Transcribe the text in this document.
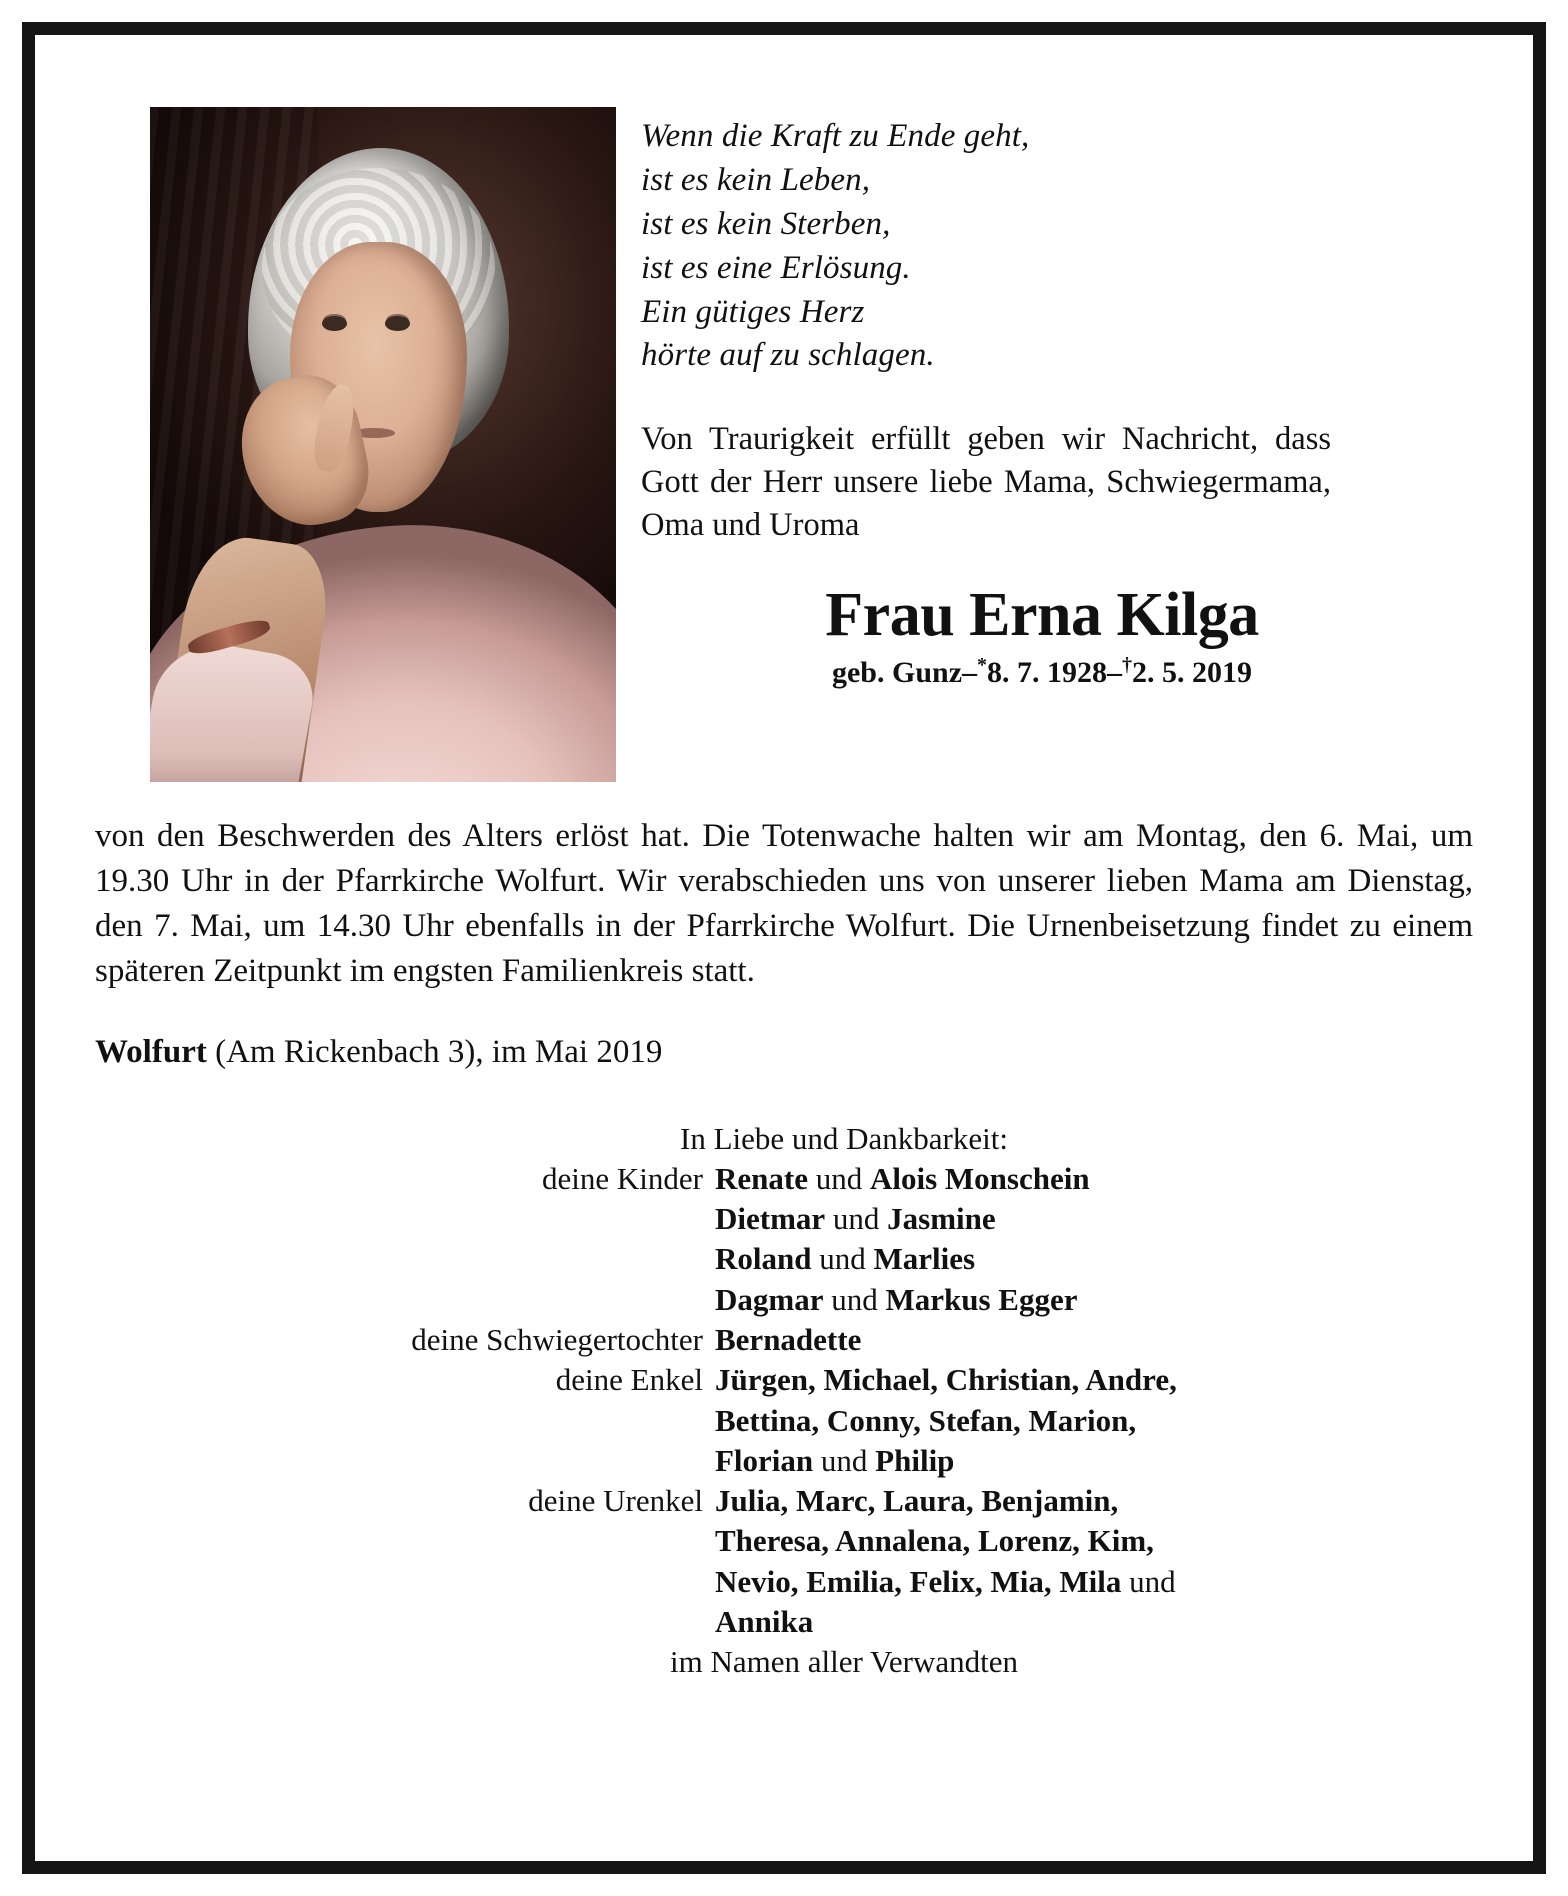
Wenn die Kraft zu Ende geht,
ist es kein Leben,
ist es kein Sterben,
ist es eine Erlösung.
Ein gütiges Herz
hörte auf zu schlagen.
Von Traurigkeit erfüllt geben wir Nachricht, dass Gott der Herr unsere liebe Mama, Schwiegermama, Oma und Uroma
Frau Erna Kilga
geb. Gunz–*8. 7. 1928–†2. 5. 2019
von den Beschwerden des Alters erlöst hat. Die Totenwache halten wir am Montag, den 6. Mai, um 19.30 Uhr in der Pfarrkirche Wolfurt. Wir verabschieden uns von unserer lieben Mama am Dienstag, den 7. Mai, um 14.30 Uhr ebenfalls in der Pfarrkirche Wolfurt. Die Urnenbeisetzung findet zu einem späteren Zeitpunkt im engsten Familienkreis statt.
Wolfurt (Am Rickenbach 3), im Mai 2019
In Liebe und Dankbarkeit:
deine Kinder Renate und Alois Monschein
Dietmar und Jasmine
Roland und Marlies
Dagmar und Markus Egger
deine Schwiegertochter Bernadette
deine Enkel Jürgen, Michael, Christian, Andre,
Bettina, Conny, Stefan, Marion,
Florian und Philip
deine Urenkel Julia, Marc, Laura, Benjamin,
Theresa, Annalena, Lorenz, Kim,
Nevio, Emilia, Felix, Mia, Mila und
Annika
im Namen aller Verwandten
